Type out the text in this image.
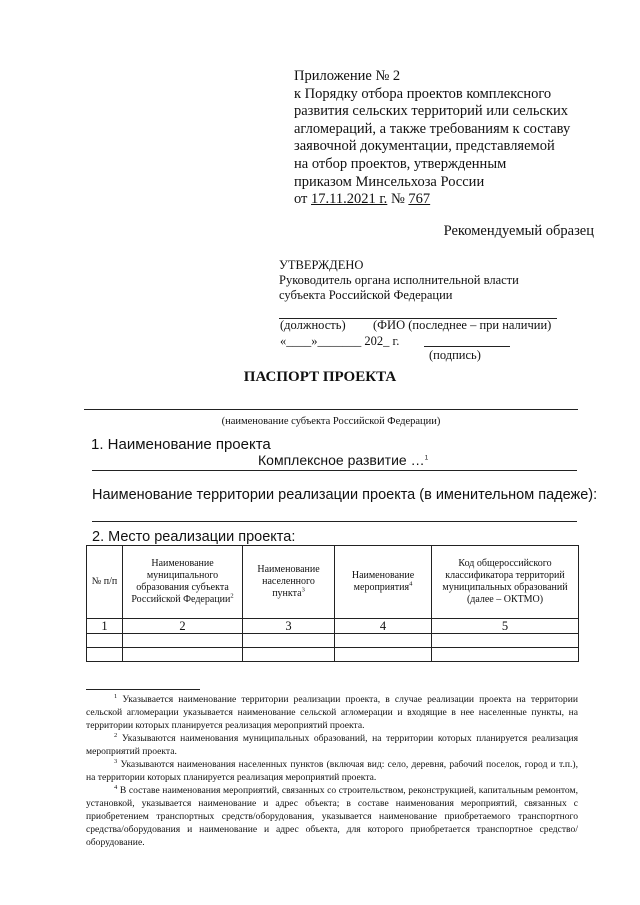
Приложение № 2
к Порядку отбора проектов комплексного
развития сельских территорий или сельских
агломераций, а также требованиям к составу
заявочной документации, представляемой
на отбор проектов, утвержденным
приказом Минсельхоза России
от 17.11.2021 г. № 767
Рекомендуемый образец
УТВЕРЖДЕНО
Руководитель органа исполнительной власти
субъекта Российской Федерации
(должность) (ФИО (последнее – при наличии)
«____»_______ 202_ г.
(подпись)
ПАСПОРТ ПРОЕКТА
(наименование субъекта Российской Федерации)
1. Наименование проекта
Комплексное развитие …$^1$
Наименование территории реализации проекта (в именительном падеже):
2. Место реализации проекта:
№ п/п	Наименование муниципального образования субъекта Российской Федерации$^2$	Наименование населенного пункта$^3$	Наименование мероприятия$^4$	Код общероссийского классификатора территорий муниципальных образований (далее – ОКТМО)
1	2	3	4	5

$^1$ Указывается наименование территории реализации проекта, в случае реализации проекта на территории сельской агломерации указывается наименование сельской агломерации и входящие в нее населенные пункты, на территории которых планируется реализация мероприятий проекта.

$^2$ Указываются наименования муниципальных образований, на территории которых планируется реализация мероприятий проекта.

$^3$ Указываются наименования населенных пунктов (включая вид: село, деревня, рабочий поселок, город и т.п.), на территории которых планируется реализация мероприятий проекта.

$^4$ В составе наименования мероприятий, связанных со строительством, реконструкцией, капитальным ремонтом, установкой, указывается наименование и адрес объекта; в составе наименования мероприятий, связанных с приобретением транспортных средств/оборудования, указывается наименование приобретаемого транспортного средства/оборудования и наименование и адрес объекта, для которого приобретается транспортное средство/оборудование.
